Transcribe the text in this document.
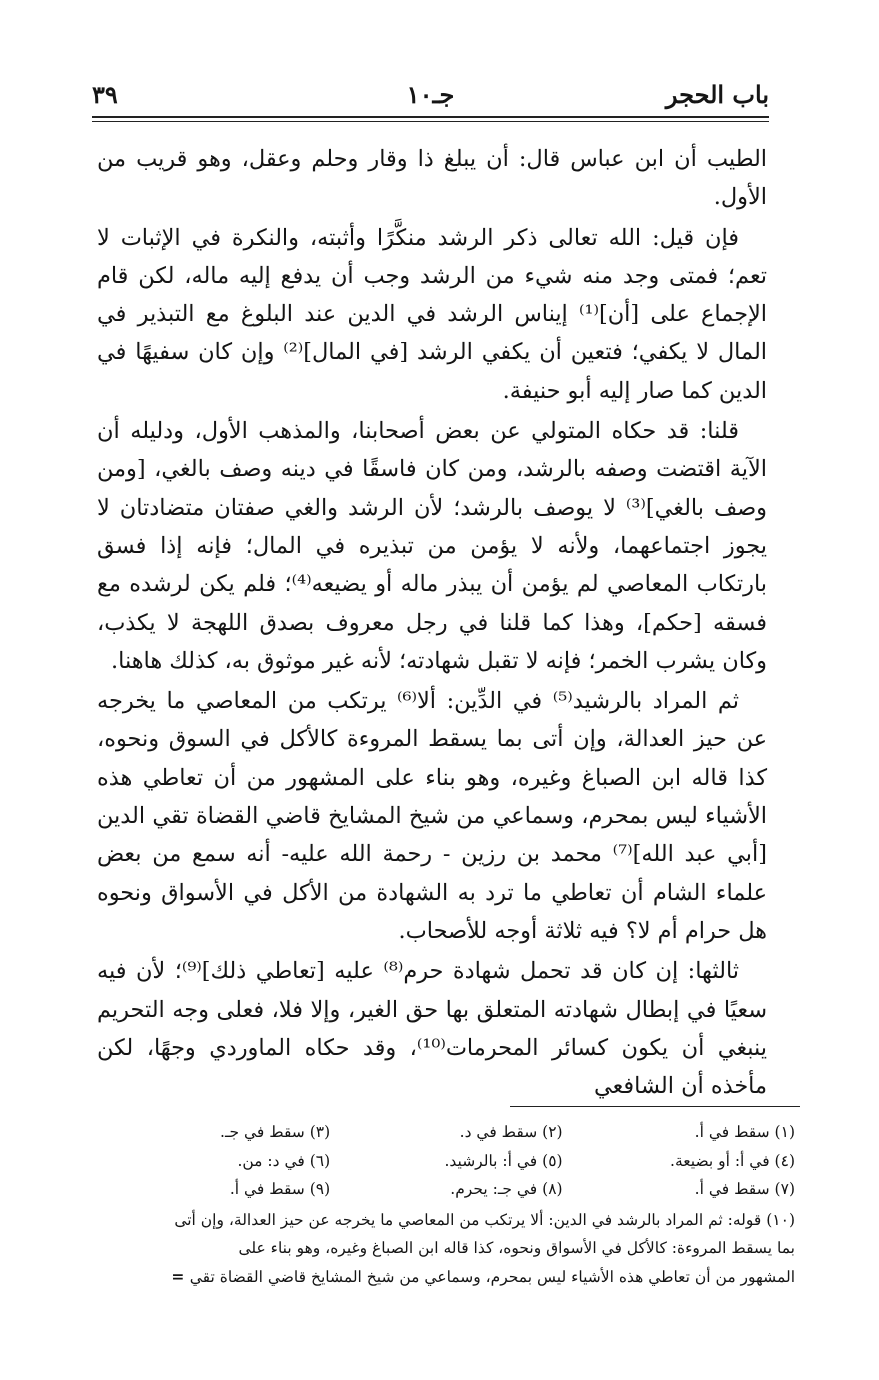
باب الحجر
جـ١٠
٣٩

الطيب أن ابن عباس قال: أن يبلغ ذا وقار وحلم وعقل، وهو قريب من الأول.

فإن قيل: الله تعالى ذكر الرشد منكَّرًا وأثبته، والنكرة في الإثبات لا تعم؛ فمتى وجد منه شيء من الرشد وجب أن يدفع إليه ماله، لكن قام الإجماع على [أن]⁽¹⁾ إيناس الرشد في الدين عند البلوغ مع التبذير في المال لا يكفي؛ فتعين أن يكفي الرشد [في المال]⁽²⁾ وإن كان سفيهًا في الدين كما صار إليه أبو حنيفة.

قلنا: قد حكاه المتولي عن بعض أصحابنا، والمذهب الأول، ودليله أن الآية اقتضت وصفه بالرشد، ومن كان فاسقًا في دينه وصف بالغي، [ومن وصف بالغي]⁽³⁾ لا يوصف بالرشد؛ لأن الرشد والغي صفتان متضادتان لا يجوز اجتماعهما، ولأنه لا يؤمن من تبذيره في المال؛ فإنه إذا فسق بارتكاب المعاصي لم يؤمن أن يبذر ماله أو يضيعه⁽⁴⁾؛ فلم يكن لرشده مع فسقه [حكم]، وهذا كما قلنا في رجل معروف بصدق اللهجة لا يكذب، وكان يشرب الخمر؛ فإنه لا تقبل شهادته؛ لأنه غير موثوق به، كذلك هاهنا.

ثم المراد بالرشيد⁽⁵⁾ في الدِّين: ألا⁽⁶⁾ يرتكب من المعاصي ما يخرجه عن حيز العدالة، وإن أتى بما يسقط المروءة كالأكل في السوق ونحوه، كذا قاله ابن الصباغ وغيره، وهو بناء على المشهور من أن تعاطي هذه الأشياء ليس بمحرم، وسماعي من شيخ المشايخ قاضي القضاة تقي الدين [أبي عبد الله]⁽⁷⁾ محمد بن رزين - رحمة الله عليه- أنه سمع من بعض علماء الشام أن تعاطي ما ترد به الشهادة من الأكل في الأسواق ونحوه هل حرام أم لا؟ فيه ثلاثة أوجه للأصحاب.

ثالثها: إن كان قد تحمل شهادة حرم⁽⁸⁾ عليه [تعاطي ذلك]⁽⁹⁾؛ لأن فيه سعيًا في إبطال شهادته المتعلق بها حق الغير، وإلا فلا، فعلى وجه التحريم ينبغي أن يكون كسائر المحرمات⁽¹⁰⁾، وقد حكاه الماوردي وجهًا، لكن مأخذه أن الشافعي

(١) سقط في أ.
(٢) سقط في د.
(٣) سقط في جـ.
(٤) في أ: أو بضيعة.
(٥) في أ: بالرشيد.
(٦) في د: من.
(٧) سقط في أ.
(٨) في جـ: يحرم.
(٩) سقط في أ.
(١٠) قوله: ثم المراد بالرشد في الدين: ألا يرتكب من المعاصي ما يخرجه عن حيز العدالة، وإن أتى
بما يسقط المروءة: كالأكل في الأسواق ونحوه، كذا قاله ابن الصباغ وغيره، وهو بناء على
المشهور من أن تعاطي هذه الأشياء ليس بمحرم، وسماعي من شيخ المشايخ قاضي القضاة تقي =
